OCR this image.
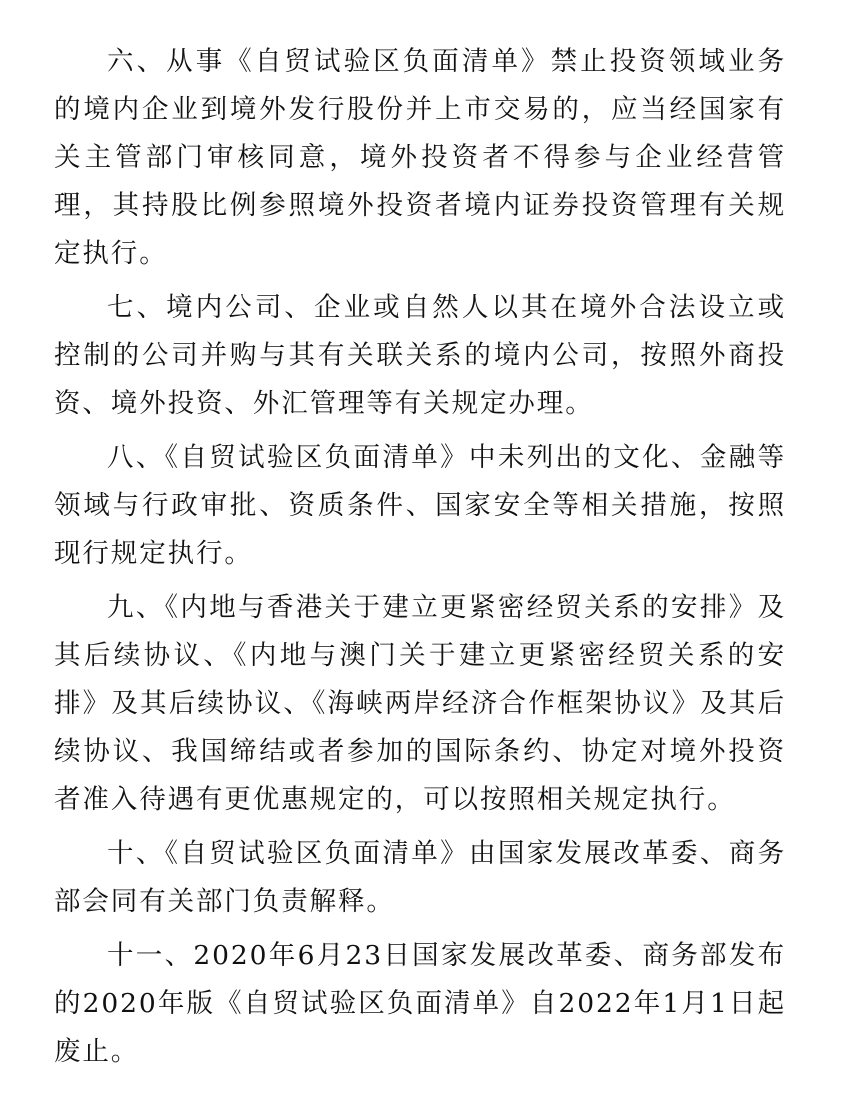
六、从事《自贸试验区负面清单》禁止投资领域业务的境内企业到境外发行股份并上市交易的，应当经国家有关主管部门审核同意，境外投资者不得参与企业经营管理，其持股比例参照境外投资者境内证券投资管理有关规定执行。

七、境内公司、企业或自然人以其在境外合法设立或控制的公司并购与其有关联关系的境内公司，按照外商投资、境外投资、外汇管理等有关规定办理。

八、《自贸试验区负面清单》中未列出的文化、金融等领域与行政审批、资质条件、国家安全等相关措施，按照现行规定执行。

九、《内地与香港关于建立更紧密经贸关系的安排》及其后续协议、《内地与澳门关于建立更紧密经贸关系的安排》及其后续协议、《海峡两岸经济合作框架协议》及其后续协议、我国缔结或者参加的国际条约、协定对境外投资者准入待遇有更优惠规定的，可以按照相关规定执行。

十、《自贸试验区负面清单》由国家发展改革委、商务部会同有关部门负责解释。

十一、2020年6月23日国家发展改革委、商务部发布的2020年版《自贸试验区负面清单》自2022年1月1日起废止。
